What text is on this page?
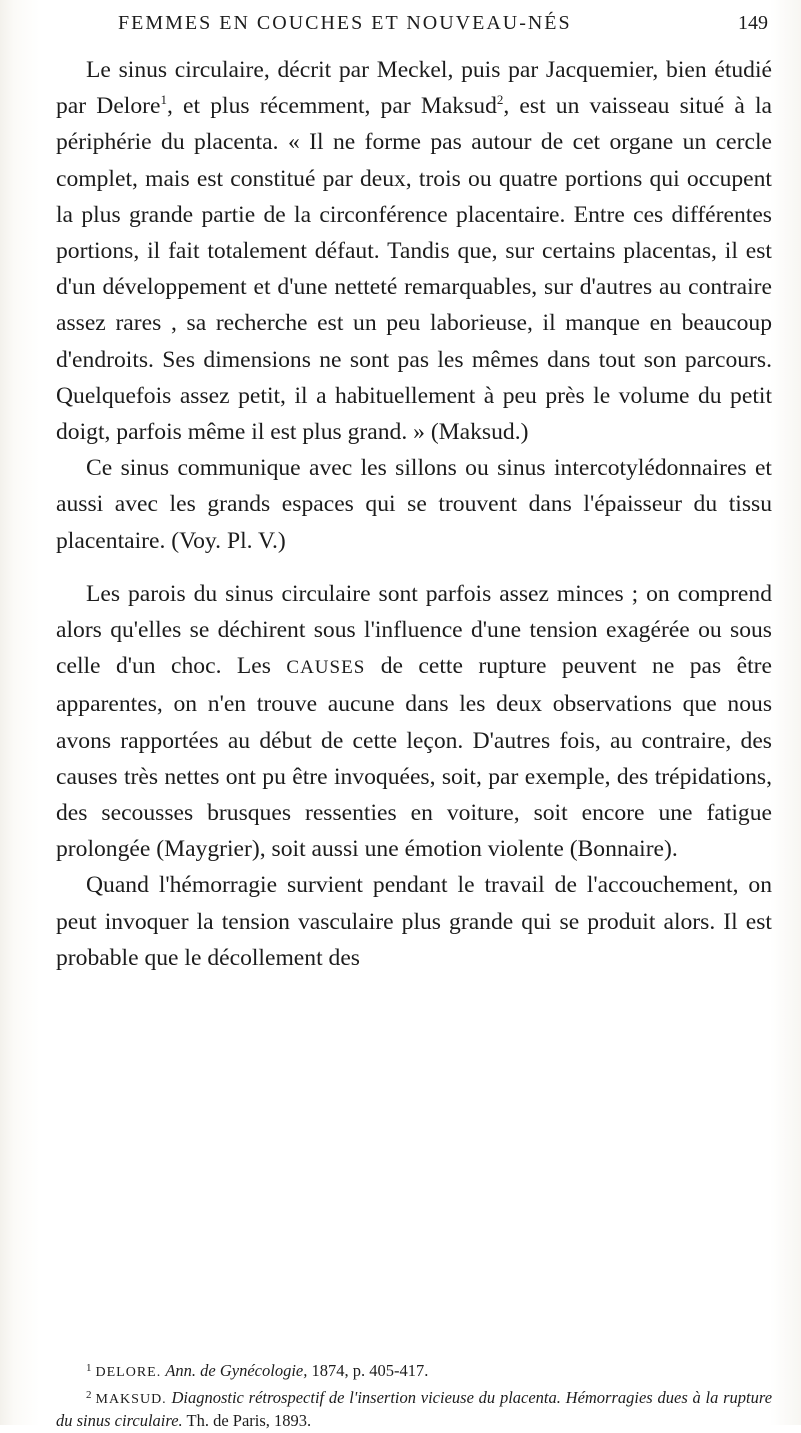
FEMMES EN COUCHES ET NOUVEAU-NÉS	149

Le sinus circulaire, décrit par Meckel, puis par Jacquemier, bien étudié par Delore$^1$, et plus récemment, par Maksud$^2$, est un vaisseau situé à la périphérie du placenta. « Il ne forme pas autour de cet organe un cercle complet, mais est constitué par deux, trois ou quatre portions qui occupent la plus grande partie de la circonférence placentaire. Entre ces différentes portions, il fait totalement défaut. Tandis que, sur certains placentas, il est d'un développement et d'une netteté remarquables, sur d'autres au contraire assez rares , sa recherche est un peu laborieuse, il manque en beaucoup d'endroits. Ses dimensions ne sont pas les mêmes dans tout son parcours. Quelquefois assez petit, il a habituellement à peu près le volume du petit doigt, parfois même il est plus grand. » (Maksud.)

Ce sinus communique avec les sillons ou sinus intercotylédonnaires et aussi avec les grands espaces qui se trouvent dans l'épaisseur du tissu placentaire. (Voy. Pl. V.)

Les parois du sinus circulaire sont parfois assez minces ; on comprend alors qu'elles se déchirent sous l'influence d'une tension exagérée ou sous celle d'un choc. Les CAUSES de cette rupture peuvent ne pas être apparentes, on n'en trouve aucune dans les deux observations que nous avons rapportées au début de cette leçon. D'autres fois, au contraire, des causes très nettes ont pu être invoquées, soit, par exemple, des trépidations, des secousses brusques ressenties en voiture, soit encore une fatigue prolongée (Maygrier), soit aussi une émotion violente (Bonnaire).

Quand l'hémorragie survient pendant le travail de l'accouchement, on peut invoquer la tension vasculaire plus grande qui se produit alors. Il est probable que le décollement des

$^1$ DELORE. Ann. de Gynécologie, 1874, p. 405-417.

$^2$ MAKSUD. Diagnostic rétrospectif de l'insertion vicieuse du placenta. Hémorragies dues à la rupture du sinus circulaire. Th. de Paris, 1893.
